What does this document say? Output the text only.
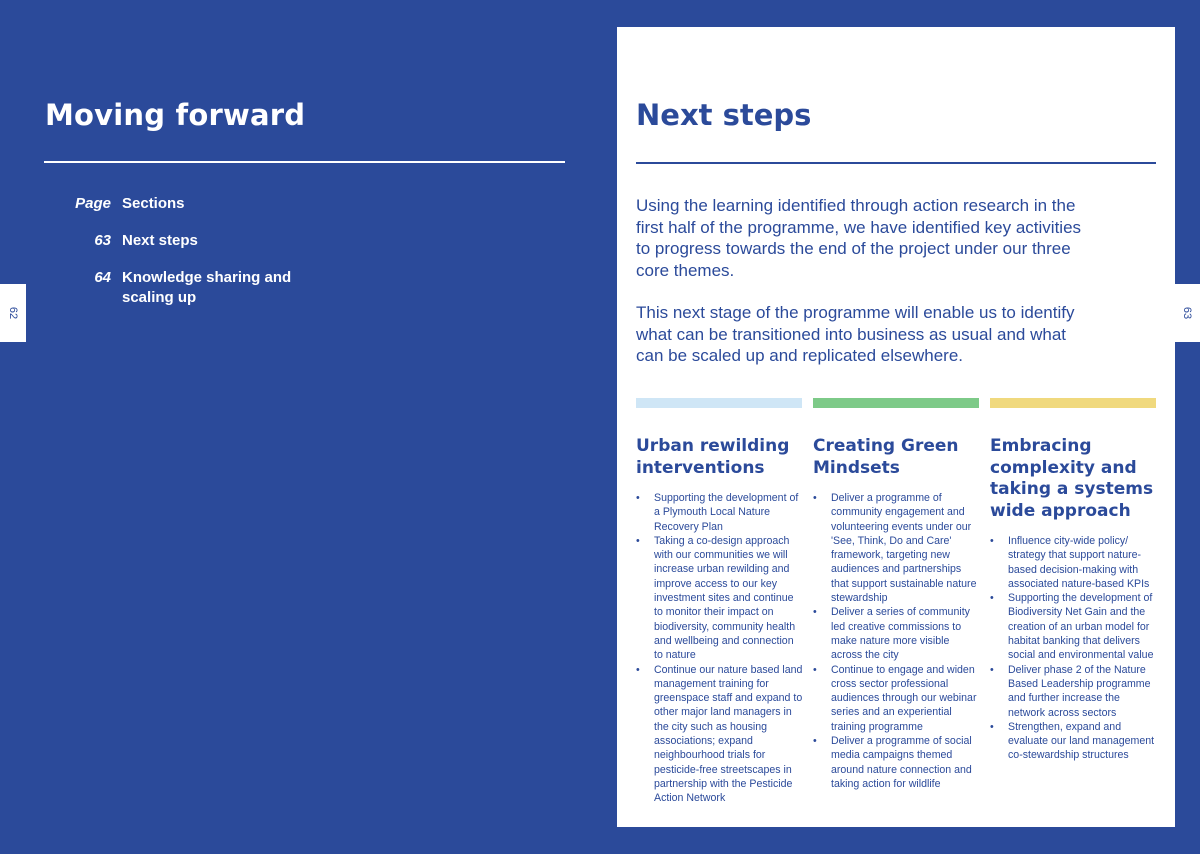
Moving forward
Page Sections
63 Next steps
64 Knowledge sharing and scaling up
62
Next steps

Using the learning identified through action research in the first half of the programme, we have identified key activities to progress towards the end of the project under our three core themes.

This next stage of the programme will enable us to identify what can be transitioned into business as usual and what can be scaled up and replicated elsewhere.

Urban rewilding interventions
• Supporting the development of a Plymouth Local Nature Recovery Plan
• Taking a co-design approach with our communities we will increase urban rewilding and improve access to our key investment sites and continue to monitor their impact on biodiversity, community health and wellbeing and connection to nature
• Continue our nature based land management training for greenspace staff and expand to other major land managers in the city such as housing associations; expand neighbourhood trials for pesticide-free streetscapes in partnership with the Pesticide Action Network
Creating Green Mindsets
• Deliver a programme of community engagement and volunteering events under our 'See, Think, Do and Care' framework, targeting new audiences and partnerships that support sustainable nature stewardship
• Deliver a series of community led creative commissions to make nature more visible across the city
• Continue to engage and widen cross sector professional audiences through our webinar series and an experiential training programme
• Deliver a programme of social media campaigns themed around nature connection and taking action for wildlife
Embracing complexity and taking a systems wide approach
• Influence city-wide policy/ strategy that support nature-based decision-making with associated nature-based KPIs
• Supporting the development of Biodiversity Net Gain and the creation of an urban model for habitat banking that delivers social and environmental value
• Deliver phase 2 of the Nature Based Leadership programme and further increase the network across sectors
• Strengthen, expand and evaluate our land management co-stewardship structures
63
